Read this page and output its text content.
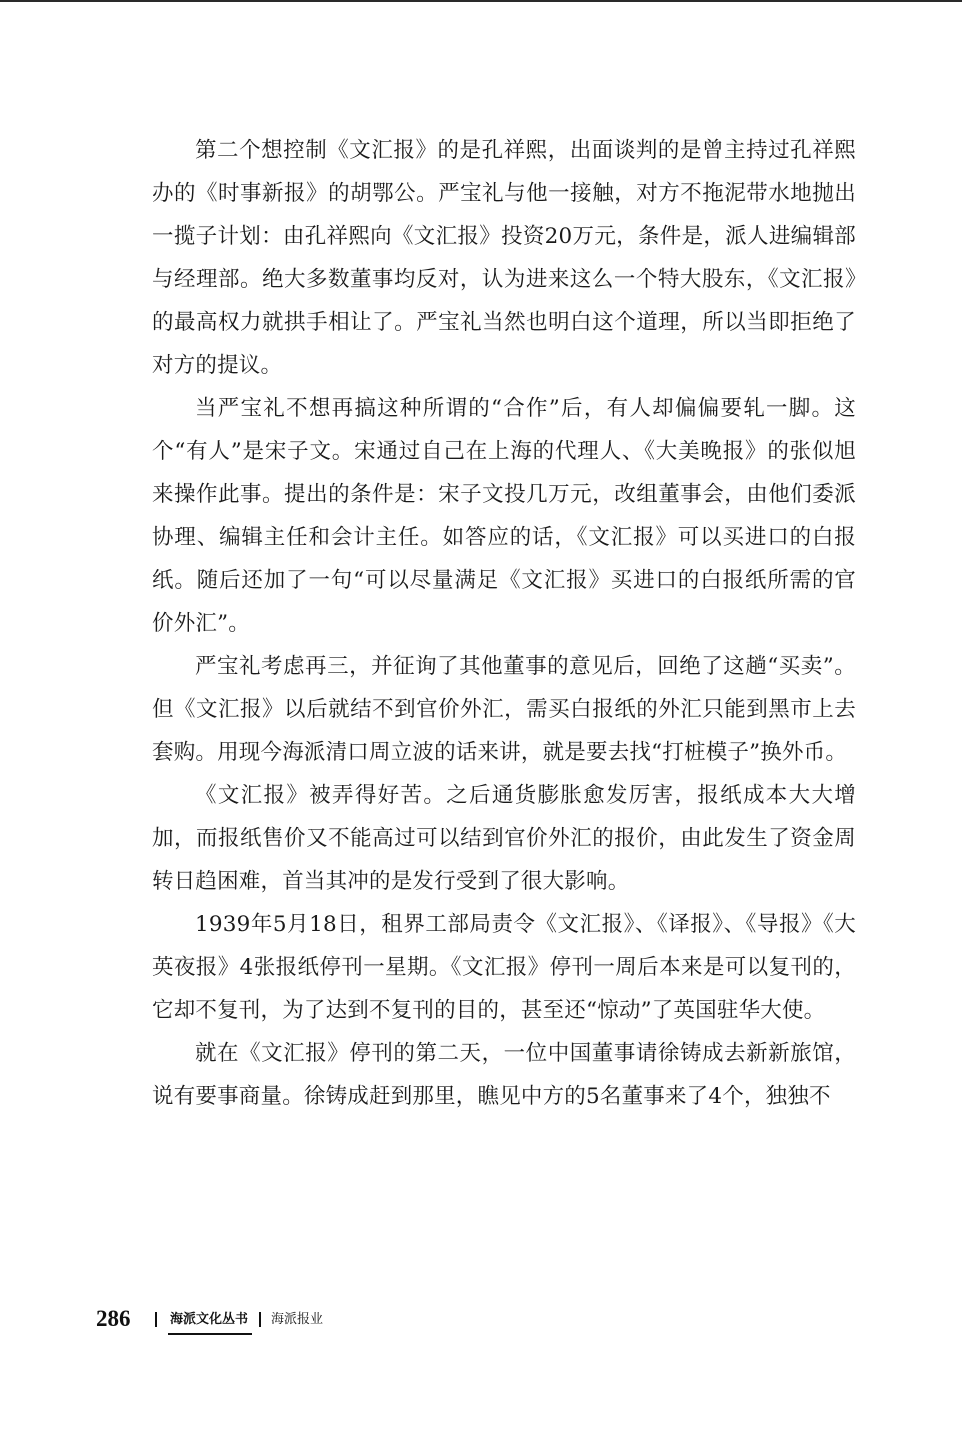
第二个想控制《文汇报》的是孔祥熙，出面谈判的是曾主持过孔祥熙办的《时事新报》的胡鄂公。严宝礼与他一接触，对方不拖泥带水地抛出一揽子计划：由孔祥熙向《文汇报》投资20万元，条件是，派人进编辑部与经理部。绝大多数董事均反对，认为进来这么一个特大股东，《文汇报》的最高权力就拱手相让了。严宝礼当然也明白这个道理，所以当即拒绝了对方的提议。

当严宝礼不想再搞这种所谓的“合作”后，有人却偏偏要轧一脚。这个“有人”是宋子文。宋通过自己在上海的代理人、《大美晚报》的张似旭来操作此事。提出的条件是：宋子文投几万元，改组董事会，由他们委派协理、编辑主任和会计主任。如答应的话，《文汇报》可以买进口的白报纸。随后还加了一句“可以尽量满足《文汇报》买进口的白报纸所需的官价外汇”。

严宝礼考虑再三，并征询了其他董事的意见后，回绝了这趟“买卖”。但《文汇报》以后就结不到官价外汇，需买白报纸的外汇只能到黑市上去套购。用现今海派清口周立波的话来讲，就是要去找“打桩模子”换外币。

《文汇报》被弄得好苦。之后通货膨胀愈发厉害，报纸成本大大增加，而报纸售价又不能高过可以结到官价外汇的报价，由此发生了资金周转日趋困难，首当其冲的是发行受到了很大影响。

1939年5月18日，租界工部局责令《文汇报》、《译报》、《导报》《大英夜报》4张报纸停刊一星期。《文汇报》停刊一周后本来是可以复刊的，它却不复刊，为了达到不复刊的目的，甚至还“惊动”了英国驻华大使。

就在《文汇报》停刊的第二天，一位中国董事请徐铸成去新新旅馆，说有要事商量。徐铸成赶到那里，瞧见中方的5名董事来了4个，独独不

286	海派文化丛书 海派报业
